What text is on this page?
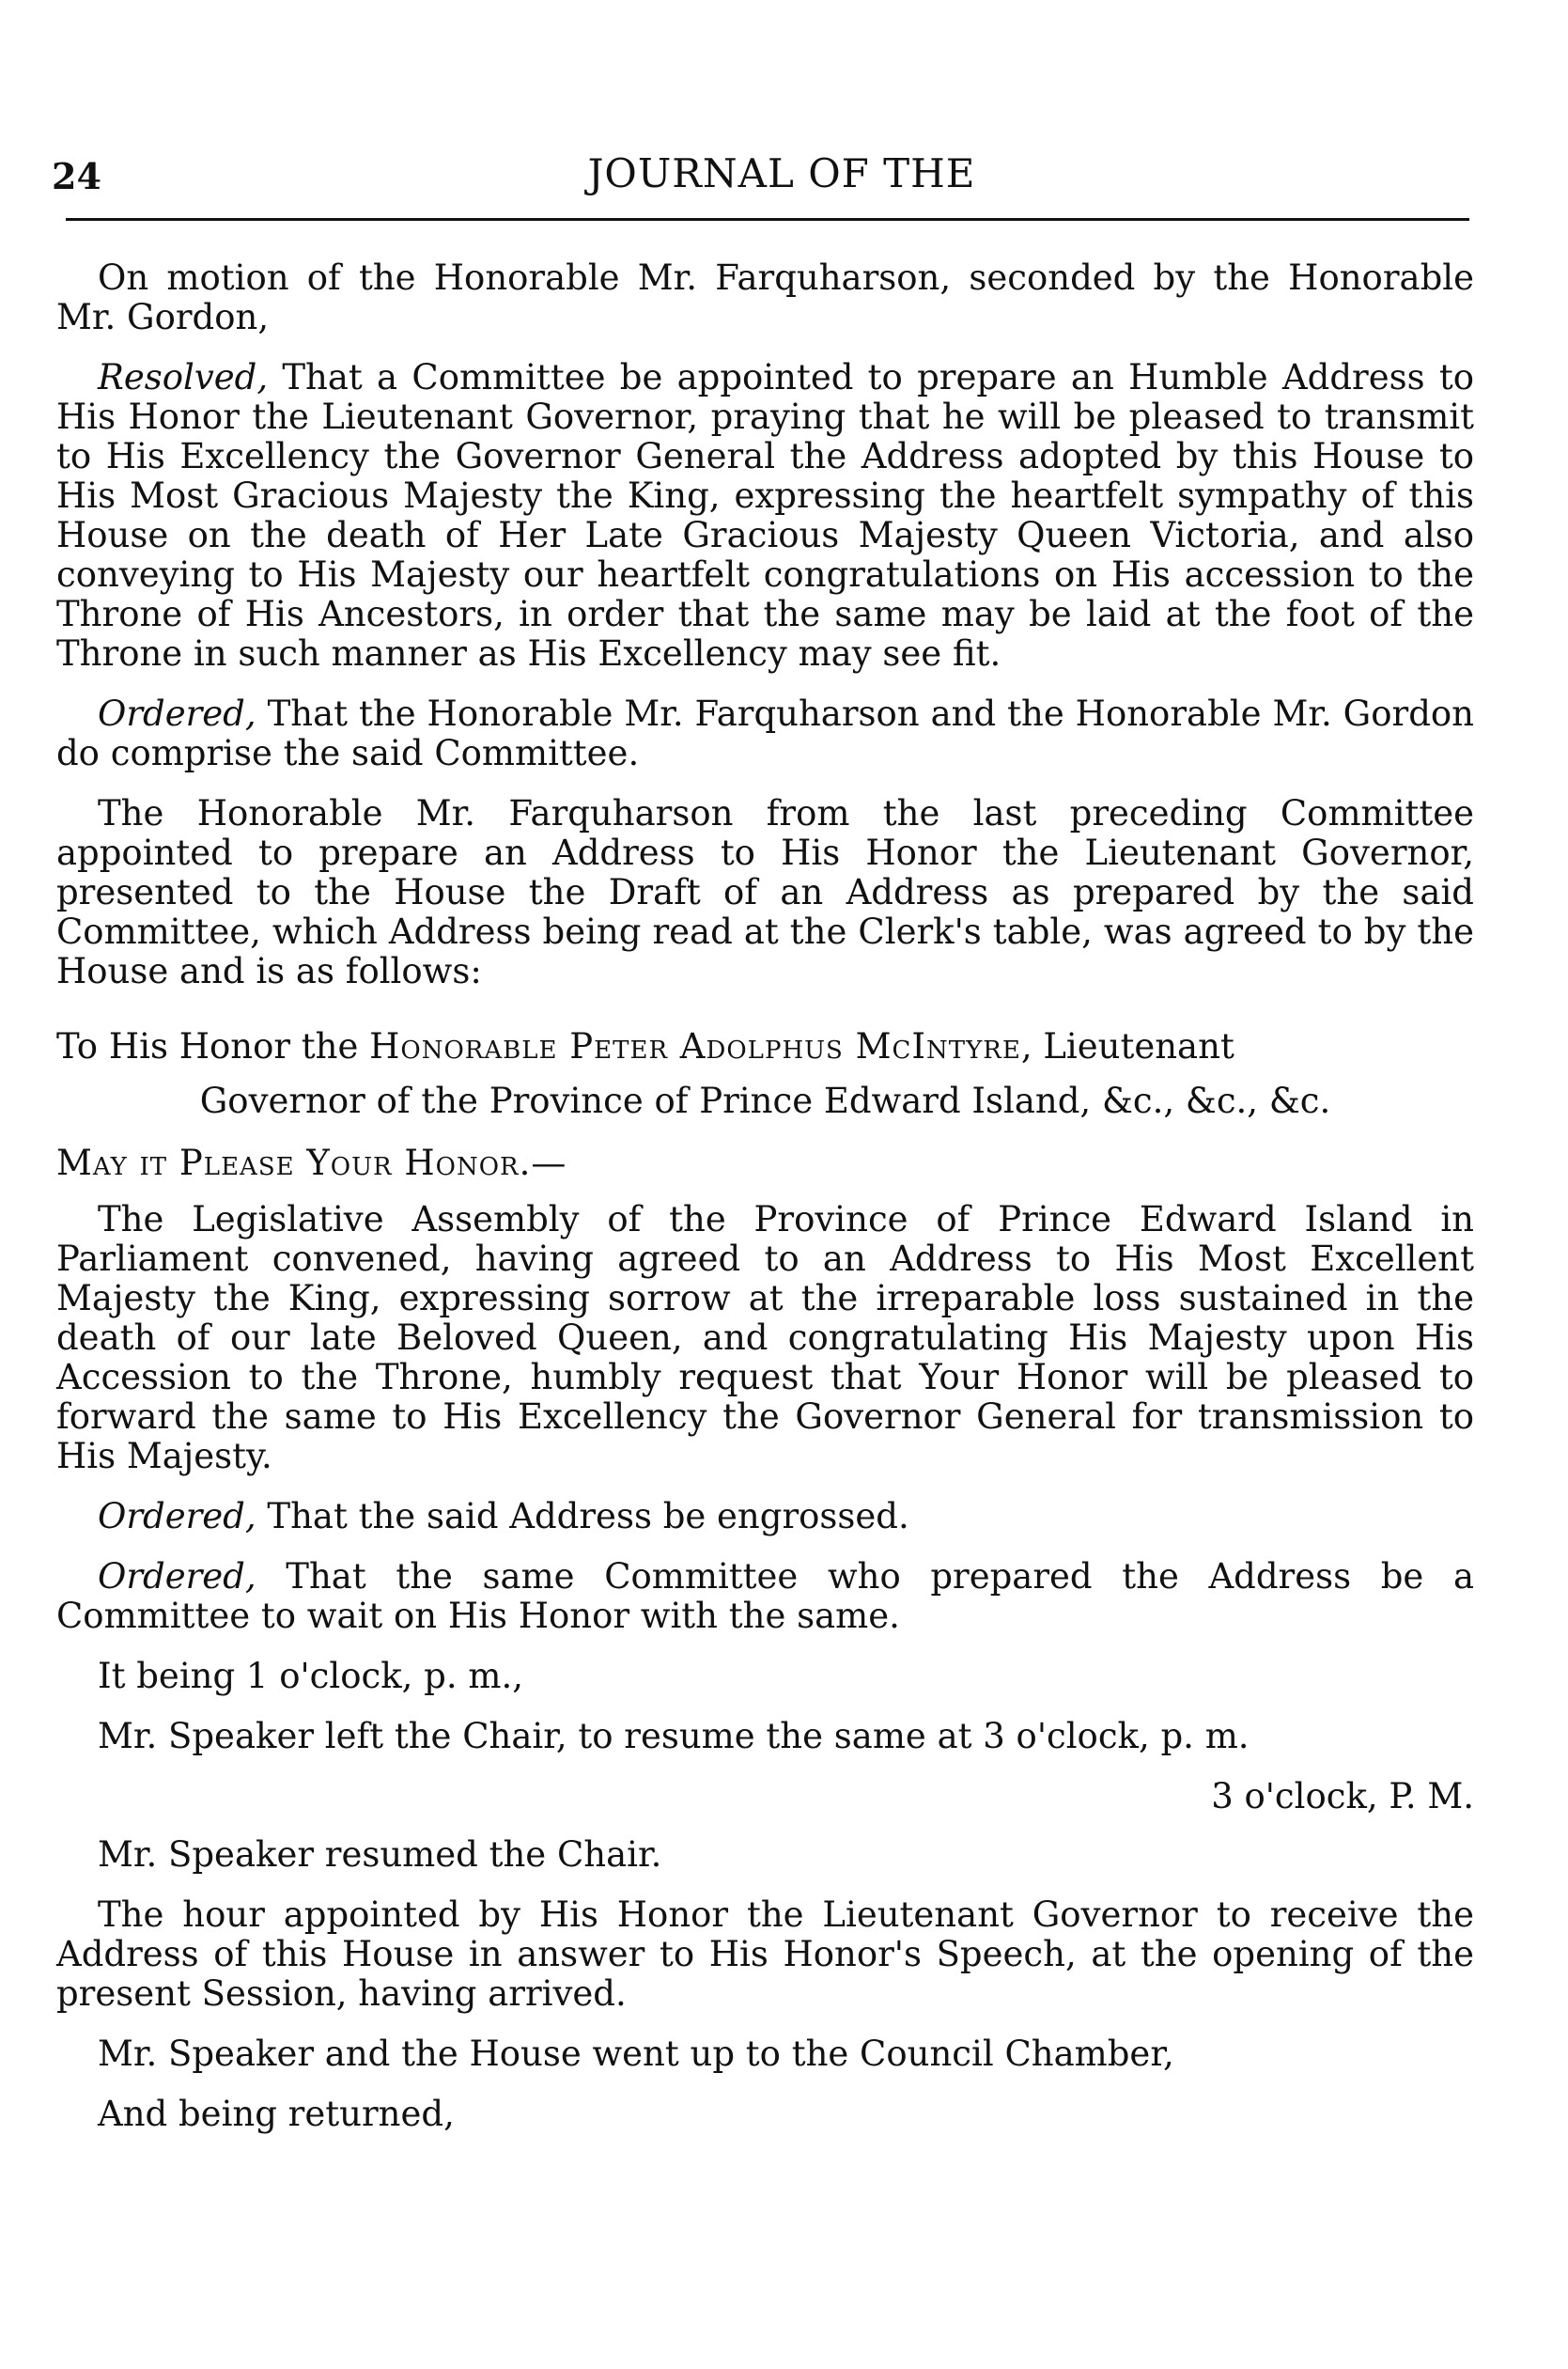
24	JOURNAL OF THE

On motion of the Honorable Mr. Farquharson, seconded by the Honorable Mr. Gordon,

Resolved, That a Committee be appointed to prepare an Humble Address to His Honor the Lieutenant Governor, praying that he will be pleased to transmit to His Excellency the Governor General the Address adopted by this House to His Most Gracious Majesty the King, expressing the heartfelt sympathy of this House on the death of Her Late Gracious Majesty Queen Victoria, and also conveying to His Majesty our heartfelt congratulations on His accession to the Throne of His Ancestors, in order that the same may be laid at the foot of the Throne in such manner as His Excellency may see fit.

Ordered, That the Honorable Mr. Farquharson and the Honorable Mr. Gordon do comprise the said Committee.

The Honorable Mr. Farquharson from the last preceding Committee appointed to prepare an Address to His Honor the Lieutenant Governor, presented to the House the Draft of an Address as prepared by the said Committee, which Address being read at the Clerk's table, was agreed to by the House and is as follows:

To His Honor the Honorable Peter Adolphus McIntyre, Lieutenant

Governor of the Province of Prince Edward Island, &c., &c., &c.

May it Please Your Honor.—

The Legislative Assembly of the Province of Prince Edward Island in Parliament convened, having agreed to an Address to His Most Excellent Majesty the King, expressing sorrow at the irreparable loss sustained in the death of our late Beloved Queen, and congratulating His Majesty upon His Accession to the Throne, humbly request that Your Honor will be pleased to forward the same to His Excellency the Governor General for transmission to His Majesty.

Ordered, That the said Address be engrossed.

Ordered, That the same Committee who prepared the Address be a Committee to wait on His Honor with the same.

It being 1 o'clock, p. m.,

Mr. Speaker left the Chair, to resume the same at 3 o'clock, p. m.

3 o'clock, P. M.

Mr. Speaker resumed the Chair.

The hour appointed by His Honor the Lieutenant Governor to receive the Address of this House in answer to His Honor's Speech, at the opening of the present Session, having arrived.

Mr. Speaker and the House went up to the Council Chamber,

And being returned,
